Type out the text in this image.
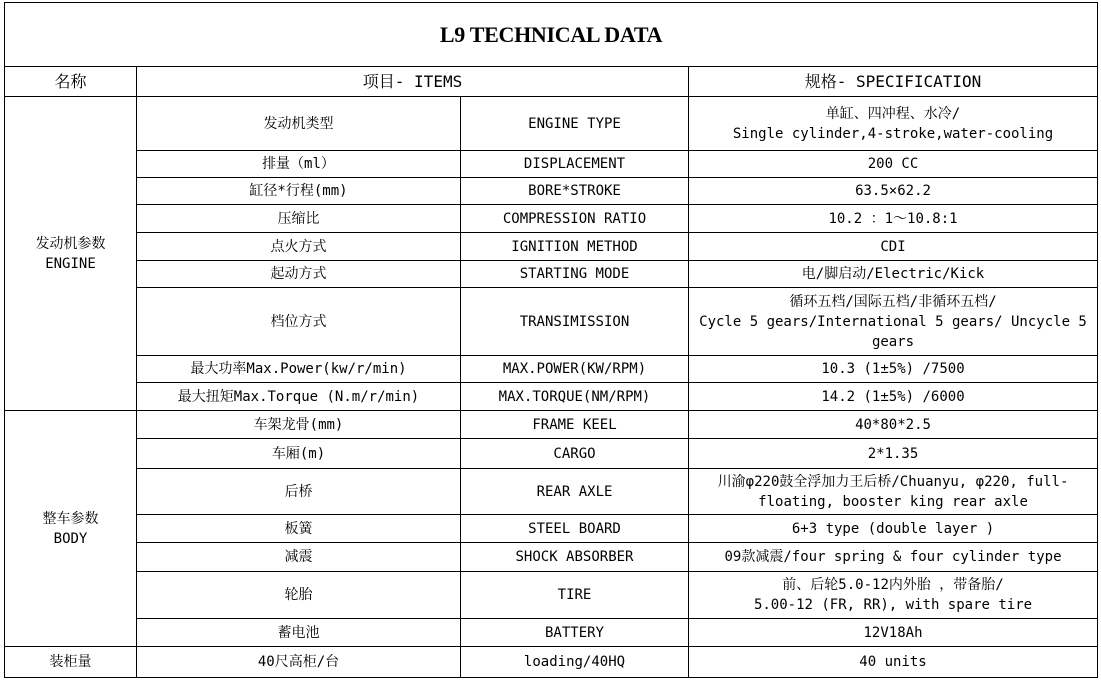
L9 TECHNICAL DATA			
名称	项目- ITEMS		规格- SPECIFICATION

发动机参数
ENGINE	发动机类型	ENGINE TYPE	单缸、四冲程、水冷/
Single cylinder,4-stroke,water-cooling

	排量（ml）	DISPLACEMENT	200 CC
	缸径*行程(mm)	BORE*STROKE	63.5×62.2
	压缩比	COMPRESSION RATIO	10.2 ：1～10.8:1
	点火方式	IGNITION METHOD	CDI
	起动方式	STARTING MODE	电/脚启动/Electric/Kick
	档位方式	TRANSIMISSION	循环五档/国际五档/非循环五档/
Cycle 5 gears/International 5 gears/ Uncycle 5 gears

	最大功率Max.Power(kw/r/min)	MAX.POWER(KW/RPM)	10.3 (1±5%) /7500
	最大扭矩Max.Torque (N.m/r/min)	MAX.TORQUE(NM/RPM)	14.2 (1±5%) /6000

整车参数
BODY	车架龙骨(mm)	FRAME KEEL	40*80*2.5
	车厢(m)	CARGO	2*1.35
	后桥	REAR AXLE	川渝φ220鼓全浮加力王后桥/Chuanyu, φ220, full-floating, booster king rear axle
	板簧	STEEL BOARD	6+3 type (double layer )
	减震	SHOCK ABSORBER	09款减震/four spring & four cylinder type
	轮胎	TIRE	前、后轮5.0-12内外胎 ，带备胎/
5.00-12 (FR, RR), with spare tire

	蓄电池	BATTERY	12V18Ah
装柜量	40尺高柜/台	loading/40HQ	40 units
